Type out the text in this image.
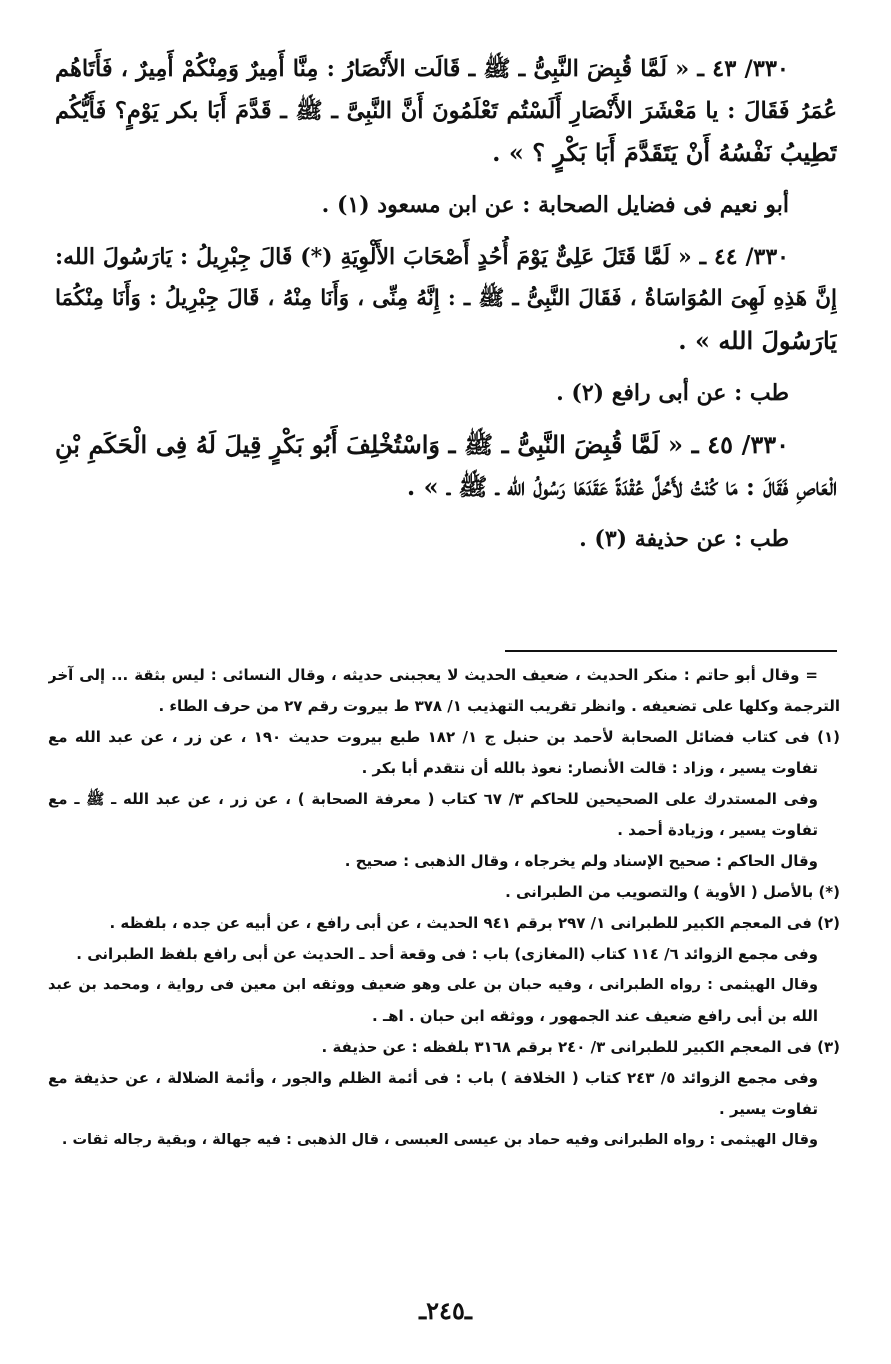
٣٣٠/ ٤٣ ـ « لَمَّا قُبِضَ النَّبِىُّ ـ ﷺ ـ قَالَت الأَنْصَارُ : مِنَّا أَمِيرٌ وَمِنْكُمْ أَمِيرٌ ، فَأَتَاهُم
عُمَرُ فَقَالَ : يا مَعْشَرَ الأَنْصَارِ أَلَسْتُم تَعْلَمُونَ أَنَّ النَّبِىَّ ـ ﷺ ـ قَدَّمَ أَبَا بكر يَوْمٍ؟ فَأَيُّكُم
تَطِيبُ نَفْسُهُ أَنْ يَتَقَدَّمَ أَبَا بَكْرٍ ؟ » .
أبو نعيم فى فضايل الصحابة : عن ابن مسعود (١) .
٣٣٠/ ٤٤ ـ « لَمَّا قَتَلَ عَلِىٌّ يَوْمَ أُحُدٍ أَصْحَابَ الأَلْوِيَةِ (*) قَالَ جِبْرِيلُ : يَارَسُولَ الله:
إِنَّ هَذِهِ لَهِىَ المُوَاسَاةُ ، فَقَالَ النَّبِىُّ ـ ﷺ ـ : إِنَّهُ مِنِّى ، وَأَنَا مِنْهُ ، قَالَ جِبْرِيلُ : وَأَنَا مِنْكُمَا
يَارَسُولَ الله » .
طب : عن أبى رافع (٢) .
٣٣٠/ ٤٥ ـ « لَمَّا قُبِضَ النَّبِىُّ ـ ﷺ ـ وَاسْتُخْلِفَ أَبُو بَكْرٍ قِيلَ لَهُ فِى الْحَكَمِ بْنِ
الْعَاصِ فَقَالَ : مَا كُنْتُ لأَحُلَّ عُقْدَةً عَقَدَهَا رَسُولُ الله ـ ﷺ ـ » .
طب : عن حذيفة (٣) .
= وقال أبو حاتم : منكر الحديث ، ضعيف الحديث لا يعجبنى حديثه ، وقال النسائى : ليس بثقة ... إلى آخر
الترجمة وكلها على تضعيفه . وانظر تقريب التهذيب ١/ ٣٧٨ ط بيروت رقم ٢٧ من حرف الطاء .
(١) فى كتاب فضائل الصحابة لأحمد بن حنبل ج ١/ ١٨٢ طبع بيروت حديث ١٩٠ ، عن زر ، عن عبد الله مع
تفاوت يسير ، وزاد : قالت الأنصار: نعوذ بالله أن نتقدم أبا بكر .
وفى المستدرك على الصحيحين للحاكم ٣/ ٦٧ كتاب ( معرفة الصحابة ) ، عن زر ، عن عبد الله ـ ﷺ ـ مع
تفاوت يسير ، وزيادة أحمد .
وقال الحاكم : صحيح الإسناد ولم يخرجاه ، وقال الذهبى : صحيح .
(*) بالأصل ( الأوية ) والتصويب من الطبرانى .
(٢) فى المعجم الكبير للطبرانى ١/ ٢٩٧ برقم ٩٤١ الحديث ، عن أبى رافع ، عن أبيه عن جده ، بلفظه .
وفى مجمع الزوائد ٦/ ١١٤ كتاب (المغازى) باب : فى وقعة أحد ـ الحديث عن أبى رافع بلفظ الطبرانى .
وقال الهيثمى : رواه الطبرانى ، وفيه حبان بن على وهو ضعيف ووثقه ابن معين فى رواية ، ومحمد بن عبد
الله بن أبى رافع ضعيف عند الجمهور ، ووثقه ابن حبان . اهـ .
(٣) فى المعجم الكبير للطبرانى ٣/ ٢٤٠ برقم ٣١٦٨ بلفظه : عن حذيفة .
وفى مجمع الزوائد ٥/ ٢٤٣ كتاب ( الخلافة ) باب : فى أئمة الظلم والجور ، وأئمة الضلالة ، عن حذيفة مع
تفاوت يسير .
وقال الهيثمى : رواه الطبرانى وفيه حماد بن عيسى العبسى ، قال الذهبى : فيه جهالة ، وبقية رجاله ثقات .
ـ٢٤٥ـ
